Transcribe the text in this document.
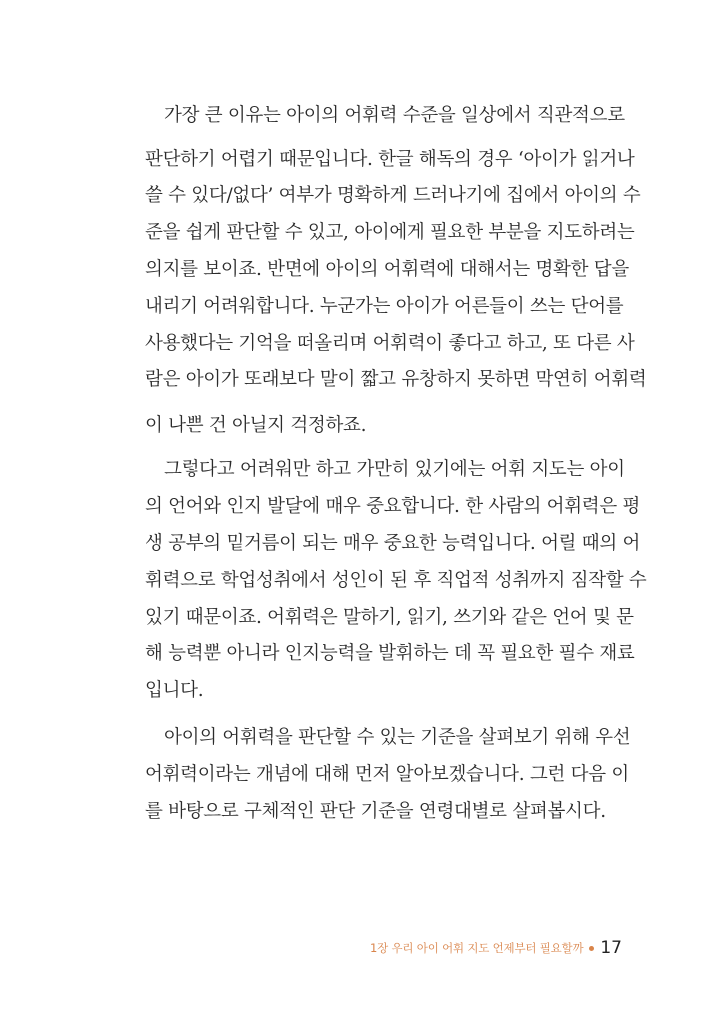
가장 큰 이유는 아이의 어휘력 수준을 일상에서 직관적으로
판단하기 어렵기 때문입니다. 한글 해독의 경우 ‘아이가 읽거나
쓸 수 있다/없다’ 여부가 명확하게 드러나기에 집에서 아이의 수
준을 쉽게 판단할 수 있고, 아이에게 필요한 부분을 지도하려는
의지를 보이죠. 반면에 아이의 어휘력에 대해서는 명확한 답을
내리기 어려워합니다. 누군가는 아이가 어른들이 쓰는 단어를
사용했다는 기억을 떠올리며 어휘력이 좋다고 하고, 또 다른 사
람은 아이가 또래보다 말이 짧고 유창하지 못하면 막연히 어휘력
이 나쁜 건 아닐지 걱정하죠.
그렇다고 어려워만 하고 가만히 있기에는 어휘 지도는 아이
의 언어와 인지 발달에 매우 중요합니다. 한 사람의 어휘력은 평
생 공부의 밑거름이 되는 매우 중요한 능력입니다. 어릴 때의 어
휘력으로 학업성취에서 성인이 된 후 직업적 성취까지 짐작할 수
있기 때문이죠. 어휘력은 말하기, 읽기, 쓰기와 같은 언어 및 문
해 능력뿐 아니라 인지능력을 발휘하는 데 꼭 필요한 필수 재료
입니다.
아이의 어휘력을 판단할 수 있는 기준을 살펴보기 위해 우선
어휘력이라는 개념에 대해 먼저 알아보겠습니다. 그런 다음 이
를 바탕으로 구체적인 판단 기준을 연령대별로 살펴봅시다.
1장 우리 아이 어휘 지도 언제부터 필요할까 17
